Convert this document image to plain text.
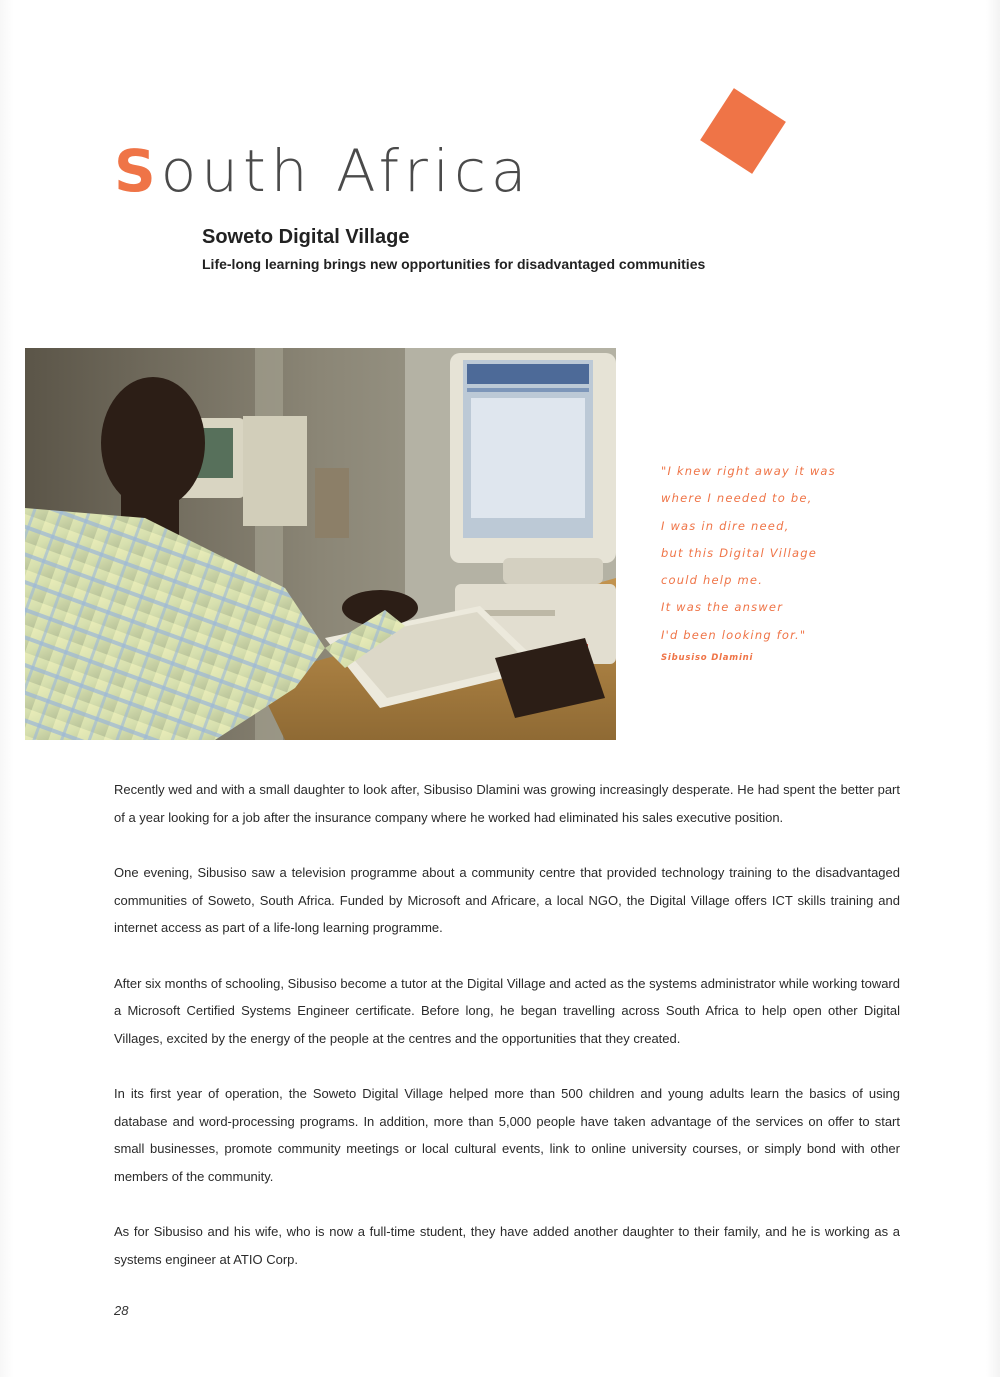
South Africa
Soweto Digital Village

Life-long learning brings new opportunities for disadvantaged communities

"I knew right away it was
where I needed to be,
I was in dire need,
but this Digital Village
could help me.
It was the answer
I'd been looking for."
Sibusiso Dlamini

Recently wed and with a small daughter to look after, Sibusiso Dlamini was growing increasingly desperate. He had spent the better part of a year looking for a job after the insurance company where he worked had eliminated his sales executive position.

One evening, Sibusiso saw a television programme about a community centre that provided technology training to the disadvantaged communities of Soweto, South Africa. Funded by Microsoft and Africare, a local NGO, the Digital Village offers ICT skills training and internet access as part of a life-long learning programme.

After six months of schooling, Sibusiso become a tutor at the Digital Village and acted as the systems administrator while working toward a Microsoft Certified Systems Engineer certificate. Before long, he began travelling across South Africa to help open other Digital Villages, excited by the energy of the people at the centres and the opportunities that they created.

In its first year of operation, the Soweto Digital Village helped more than 500 children and young adults learn the basics of using database and word-processing programs. In addition, more than 5,000 people have taken advantage of the services on offer to start small businesses, promote community meetings or local cultural events, link to online university courses, or simply bond with other members of the community.

As for Sibusiso and his wife, who is now a full-time student, they have added another daughter to their family, and he is working as a systems engineer at ATIO Corp.

28
